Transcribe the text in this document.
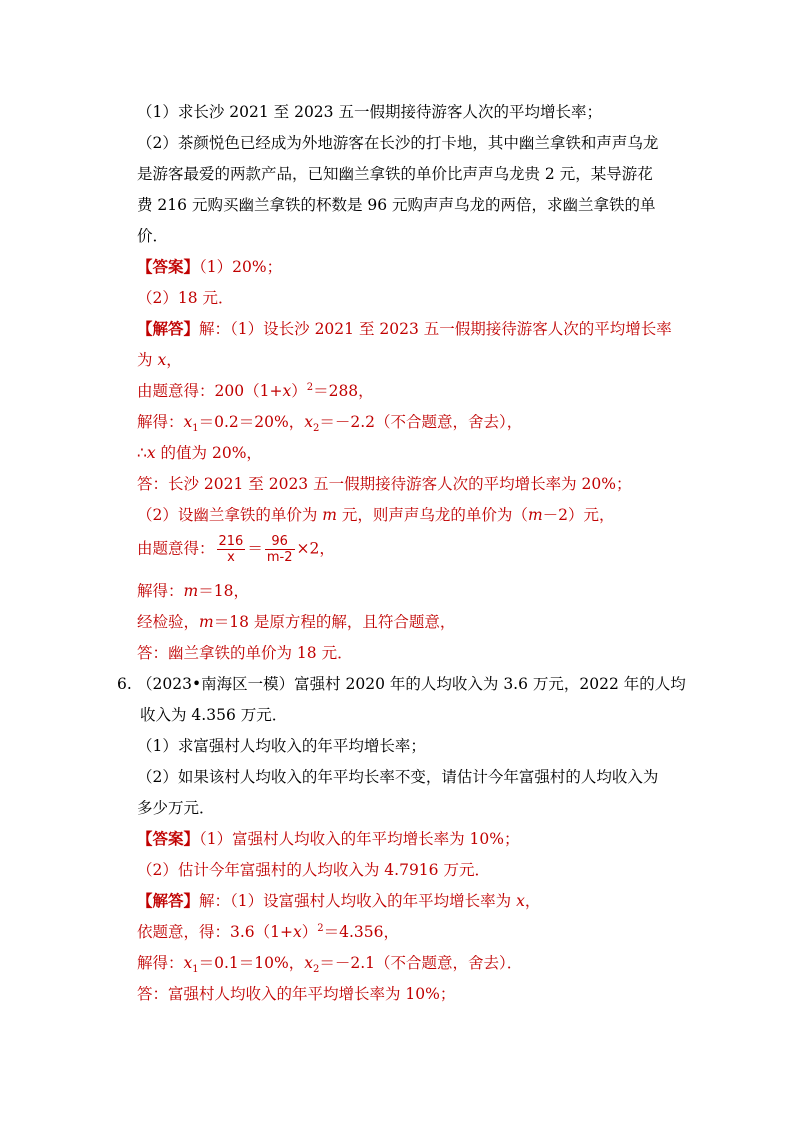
（1）求长沙 2021 至 2023 五一假期接待游客人次的平均增长率；
（2）茶颜悦色已经成为外地游客在长沙的打卡地，其中幽兰拿铁和声声乌龙
是游客最爱的两款产品，已知幽兰拿铁的单价比声声乌龙贵 2 元，某导游花
费 216 元购买幽兰拿铁的杯数是 96 元购声声乌龙的两倍，求幽兰拿铁的单
价．
【答案】（1）20%；
（2）18 元．
【解答】解：（1）设长沙 2021 至 2023 五一假期接待游客人次的平均增长率
为 x，
由题意得：$200(1+x)^2=288$，
解得：$x_1=0.2=20\%$，$x_2=-2.2$（不合题意，舍去），
∴x 的值为 20%，
答：长沙 2021 至 2023 五一假期接待游客人次的平均增长率为 20%；
（2）设幽兰拿铁的单价为 m 元，则声声乌龙的单价为（m－2）元，
由题意得： $\frac{216}{x} = \frac{96}{m-2} \times 2$，
解得：m＝18，
经检验，m＝18 是原方程的解，且符合题意，
答：幽兰拿铁的单价为 18 元．
6. （2023•南海区一模）富强村 2020 年的人均收入为 3.6 万元，2022 年的人均
收入为 4.356 万元．
（1）求富强村人均收入的年平均增长率；
（2）如果该村人均收入的年平均长率不变，请估计今年富强村的人均收入为
多少万元．
【答案】（1）富强村人均收入的年平均增长率为 10%；
（2）估计今年富强村的人均收入为 4.7916 万元．
【解答】解：（1）设富强村人均收入的年平均增长率为 x，
依题意，得：$3.6(1+x)^2=4.356$，
解得：$x_1=0.1=10\%$，$x_2=-2.1$（不合题意，舍去）．
答：富强村人均收入的年平均增长率为 10%；
